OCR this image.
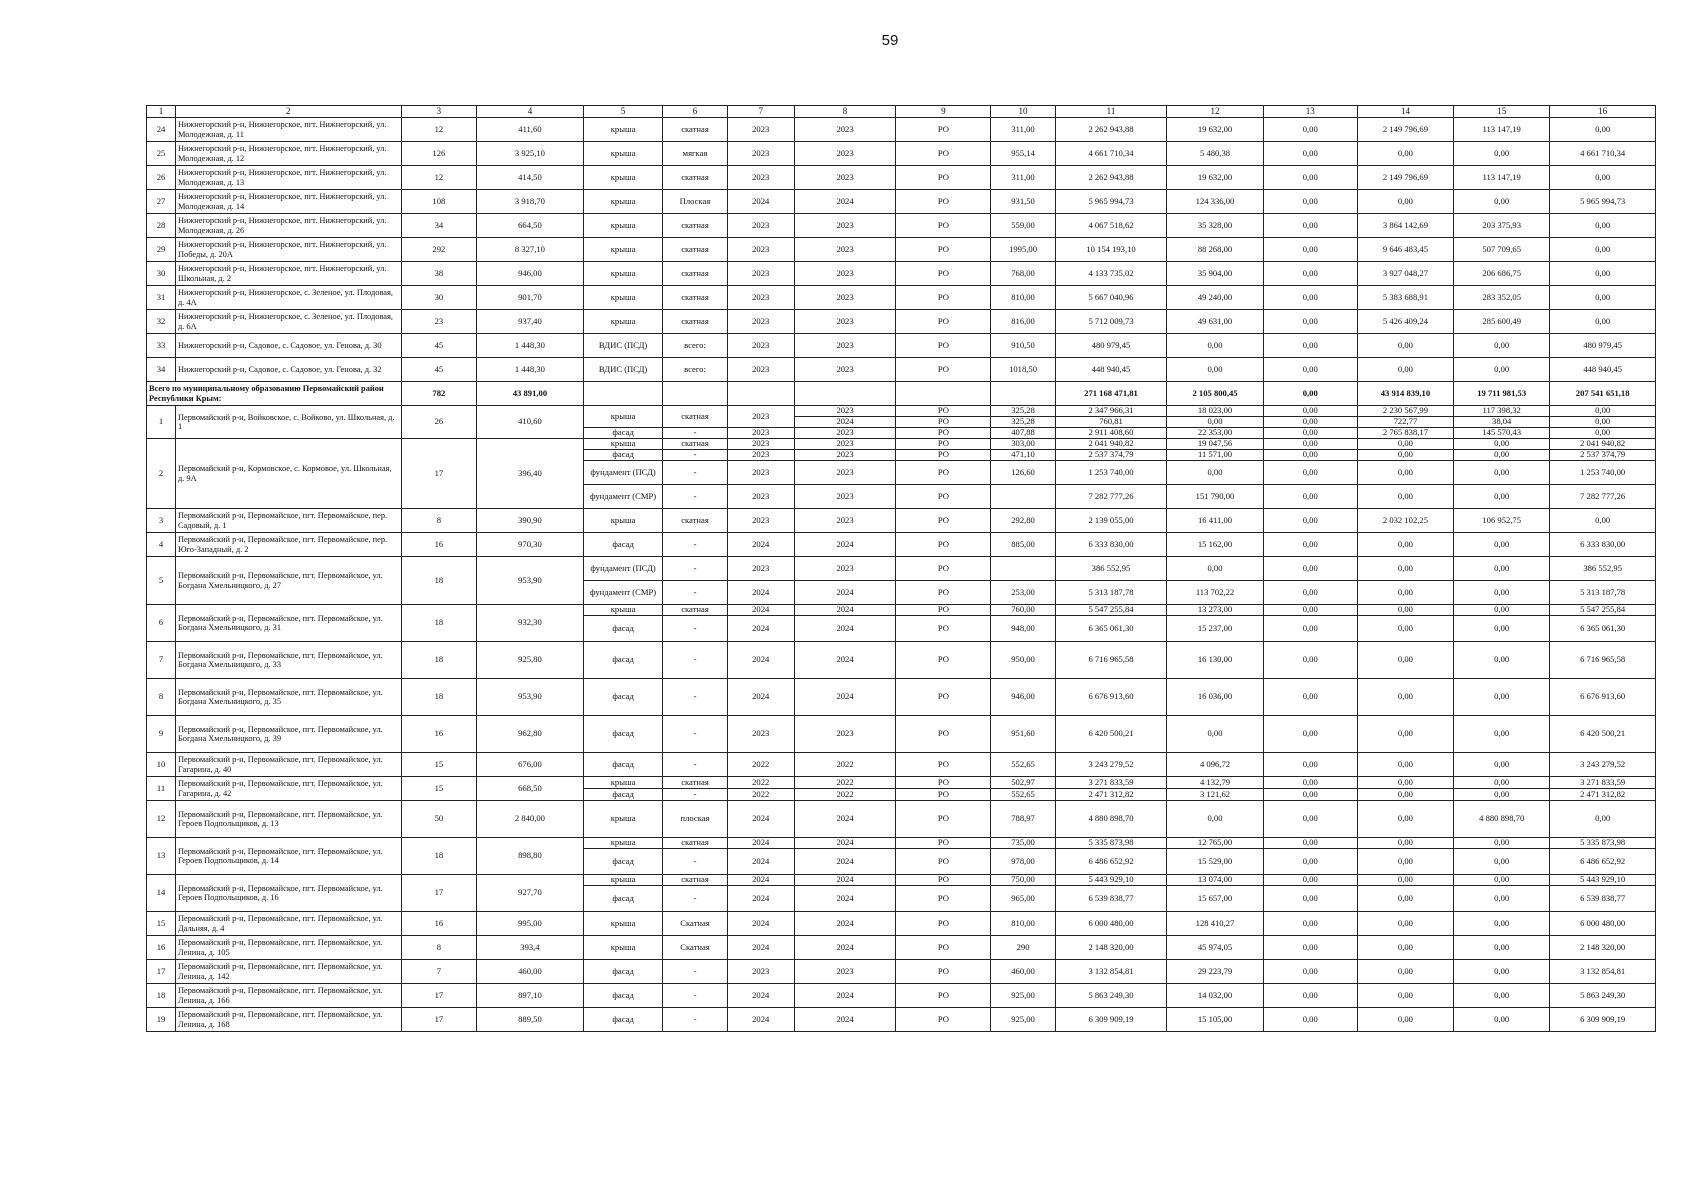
59
1	2	3	4	5	6	7	8	9	10	11	12	13	14	15	16
24	Нижнегорский р-н, Нижнегорское, пгт. Нижнегорский, ул. Молодежная, д. 11	12	411,60	крыша	скатная	2023	2023	РО	311,00	2 262 943,88	19 632,00	0,00	2 149 796,69	113 147,19	0,00
25	Нижнегорский р-н, Нижнегорское, пгт. Нижнегорский, ул. Молодежная, д. 12	126	3 925,10	крыша	мягкая	2023	2023	РО	955,14	4 661 710,34	5 480,38	0,00	0,00	0,00	4 661 710,34
26	Нижнегорский р-н, Нижнегорское, пгт. Нижнегорский, ул. Молодежная, д. 13	12	414,50	крыша	скатная	2023	2023	РО	311,00	2 262 943,88	19 632,00	0,00	2 149 796,69	113 147,19	0,00
27	Нижнегорский р-н, Нижнегорское, пгт. Нижнегорский, ул. Молодежная, д. 14	108	3 918,70	крыша	Плоская	2024	2024	РО	931,50	5 965 994,73	124 336,00	0,00	0,00	0,00	5 965 994,73
28	Нижнегорский р-н, Нижнегорское, пгт. Нижнегорский, ул. Молодежная, д. 26	34	664,50	крыша	скатная	2023	2023	РО	559,00	4 067 518,62	35 328,00	0,00	3 864 142,69	203 375,93	0,00
29	Нижнегорский р-н, Нижнегорское, пгт. Нижнегорский, ул. Победы, д. 20А	292	8 327,10	крыша	скатная	2023	2023	РО	1995,00	10 154 193,10	88 268,00	0,00	9 646 483,45	507 709,65	0,00
30	Нижнегорский р-н, Нижнегорское, пгт. Нижнегорский, ул. Школьная, д. 2	38	946,00	крыша	скатная	2023	2023	РО	768,00	4 133 735,02	35 904,00	0,00	3 927 048,27	206 686,75	0,00
31	Нижнегорский р-н, Нижнегорское, с. Зеленое, ул. Плодовая, д. 4А	30	901,70	крыша	скатная	2023	2023	РО	810,00	5 667 040,96	49 240,00	0,00	5 383 688,91	283 352,05	0,00
32	Нижнегорский р-н, Нижнегорское, с. Зеленое, ул. Плодовая, д. 6А	23	937,40	крыша	скатная	2023	2023	РО	816,00	5 712 009,73	49 631,00	0,00	5 426 409,24	285 600,49	0,00
33	Нижнегорский р-н, Садовое, с. Садовое, ул. Генова, д. 30	45	1 448,30	ВДИС (ПСД)	всего:	2023	2023	РО	910,50	480 979,45	0,00	0,00	0,00	0,00	480 979,45
34	Нижнегорский р-н, Садовое, с. Садовое, ул. Генова, д. 32	45	1 448,30	ВДИС (ПСД)	всего:	2023	2023	РО	1018,50	448 940,45	0,00	0,00	0,00	0,00	448 940,45
Всего по муниципальному образованию Первомайский район Республики Крым:		782	43 891,00							271 168 471,81	2 105 800,45	0,00	43 914 839,10	19 711 981,53	207 541 651,18
1	Первомайский р-н, Войковское, с. Войково, ул. Школьная, д. 1	26	410,60	крыша	скатная	2023	2023	РО	325,28	2 347 966,31	18 023,00	0,00	2 230 567,99	117 398,32	0,00
							2024	РО	325,28	760,81	0,00	0,00	722,77	38,04	0,00
				фасад	-	2023	2023	РО	407,88	2 911 408,60	22 353,00	0,00	2 765 838,17	145 570,43	0,00
2	Первомайский р-н, Кормовское, с. Кормовое, ул. Школьная, д. 9А	17	396,40	крыша	скатная	2023	2023	РО	303,00	2 041 940,82	19 047,56	0,00	0,00	0,00	2 041 940,82
				фасад	-	2023	2023	РО	471,10	2 537 374,79	11 571,00	0,00	0,00	0,00	2 537 374,79
				фундамент (ПСД)	-	2023	2023	РО	126,60	1 253 740,00	0,00	0,00	0,00	0,00	1 253 740,00
				фундамент (СМР)	-	2023	2023	РО		7 282 777,26	151 790,00	0,00	0,00	0,00	7 282 777,26
3	Первомайский р-н, Первомайское, пгт. Первомайское, пер. Садовый, д. 1	8	390,90	крыша	скатная	2023	2023	РО	292,80	2 139 055,00	16 411,00	0,00	2 032 102,25	106 952,75	0,00
4	Первомайский р-н, Первомайское, пгт. Первомайское, пер. Юго-Западный, д. 2	16	970,30	фасад	-	2024	2024	РО	885,00	6 333 830,00	15 162,00	0,00	0,00	0,00	6 333 830,00
5	Первомайский р-н, Первомайское, пгт. Первомайское, ул. Богдана Хмельницкого, д. 27	18	953,90	фундамент (ПСД)	-	2023	2023	РО		386 552,95	0,00	0,00	0,00	0,00	386 552,95
				фундамент (СМР)	-	2024	2024	РО	253,00	5 313 187,78	113 702,22	0,00	0,00	0,00	5 313 187,78
6	Первомайский р-н, Первомайское, пгт. Первомайское, ул. Богдана Хмельницкого, д. 31	18	932,30	крыша	скатная	2024	2024	РО	760,00	5 547 255,84	13 273,00	0,00	0,00	0,00	5 547 255,84
				фасад	-	2024	2024	РО	948,00	6 365 061,30	15 237,00	0,00	0,00	0,00	6 365 061,30
7	Первомайский р-н, Первомайское, пгт. Первомайское, ул. Богдана Хмельницкого, д. 33	18	925,80	фасад	-	2024	2024	РО	950,00	6 716 965,58	16 130,00	0,00	0,00	0,00	6 716 965,58
8	Первомайский р-н, Первомайское, пгт. Первомайское, ул. Богдана Хмельницкого, д. 35	18	953,90	фасад	-	2024	2024	РО	946,00	6 676 913,60	16 036,00	0,00	0,00	0,00	6 676 913,60
9	Первомайский р-н, Первомайское, пгт. Первомайское, ул. Богдана Хмельницкого, д. 39	16	962,80	фасад	-	2023	2023	РО	951,60	6 420 500,21	0,00	0,00	0,00	0,00	6 420 500,21
10	Первомайский р-н, Первомайское, пгт. Первомайское, ул. Гагарина, д. 40	15	676,00	фасад	-	2022	2022	РО	552,65	3 243 279,52	4 096,72	0,00	0,00	0,00	3 243 279,52
11	Первомайский р-н, Первомайское, пгт. Первомайское, ул. Гагарина, д. 42	15	668,50	крыша	скатная	2022	2022	РО	502,97	3 271 833,59	4 132,79	0,00	0,00	0,00	3 271 833,59
				фасад	-	2022	2022	РО	552,65	2 471 312,82	3 121,62	0,00	0,00	0,00	2 471 312,82
12	Первомайский р-н, Первомайское, пгт. Первомайское, ул. Героев Подпольщиков, д. 13	50	2 840,00	крыша	плоская	2024	2024	РО	788,97	4 880 898,70	0,00	0,00	0,00	4 880 898,70	0,00
13	Первомайский р-н, Первомайское, пгт. Первомайское, ул. Героев Подпольщиков, д. 14	18	898,80	крыша	скатная	2024	2024	РО	735,00	5 335 873,98	12 765,00	0,00	0,00	0,00	5 335 873,98
				фасад	-	2024	2024	РО	978,00	6 486 652,92	15 529,00	0,00	0,00	0,00	6 486 652,92
14	Первомайский р-н, Первомайское, пгт. Первомайское, ул. Героев Подпольщиков, д. 16	17	927,70	крыша	скатная	2024	2024	РО	750,00	5 443 929,10	13 074,00	0,00	0,00	0,00	5 443 929,10
				фасад	-	2024	2024	РО	965,00	6 539 838,77	15 657,00	0,00	0,00	0,00	6 539 838,77
15	Первомайский р-н, Первомайское, пгт. Первомайское, ул. Дальняя, д. 4	16	995,00	крыша	Скатная	2024	2024	РО	810,00	6 000 480,00	128 410,27	0,00	0,00	0,00	6 000 480,00
16	Первомайский р-н, Первомайское, пгт. Первомайское, ул. Ленина, д. 105	8	393,4	крыша	Скатная	2024	2024	РО	290	2 148 320,00	45 974,05	0,00	0,00	0,00	2 148 320,00
17	Первомайский р-н, Первомайское, пгт. Первомайское, ул. Ленина, д. 142	7	460,00	фасад	-	2023	2023	РО	460,00	3 132 854,81	29 223,79	0,00	0,00	0,00	3 132 854,81
18	Первомайский р-н, Первомайское, пгт. Первомайское, ул. Ленина, д. 166	17	897,10	фасад	-	2024	2024	РО	925,00	5 863 249,30	14 032,00	0,00	0,00	0,00	5 863 249,30
19	Первомайский р-н, Первомайское, пгт. Первомайское, ул. Ленина, д. 168	17	889,50	фасад	-	2024	2024	РО	925,00	6 309 909,19	15 105,00	0,00	0,00	0,00	6 309 909,19
